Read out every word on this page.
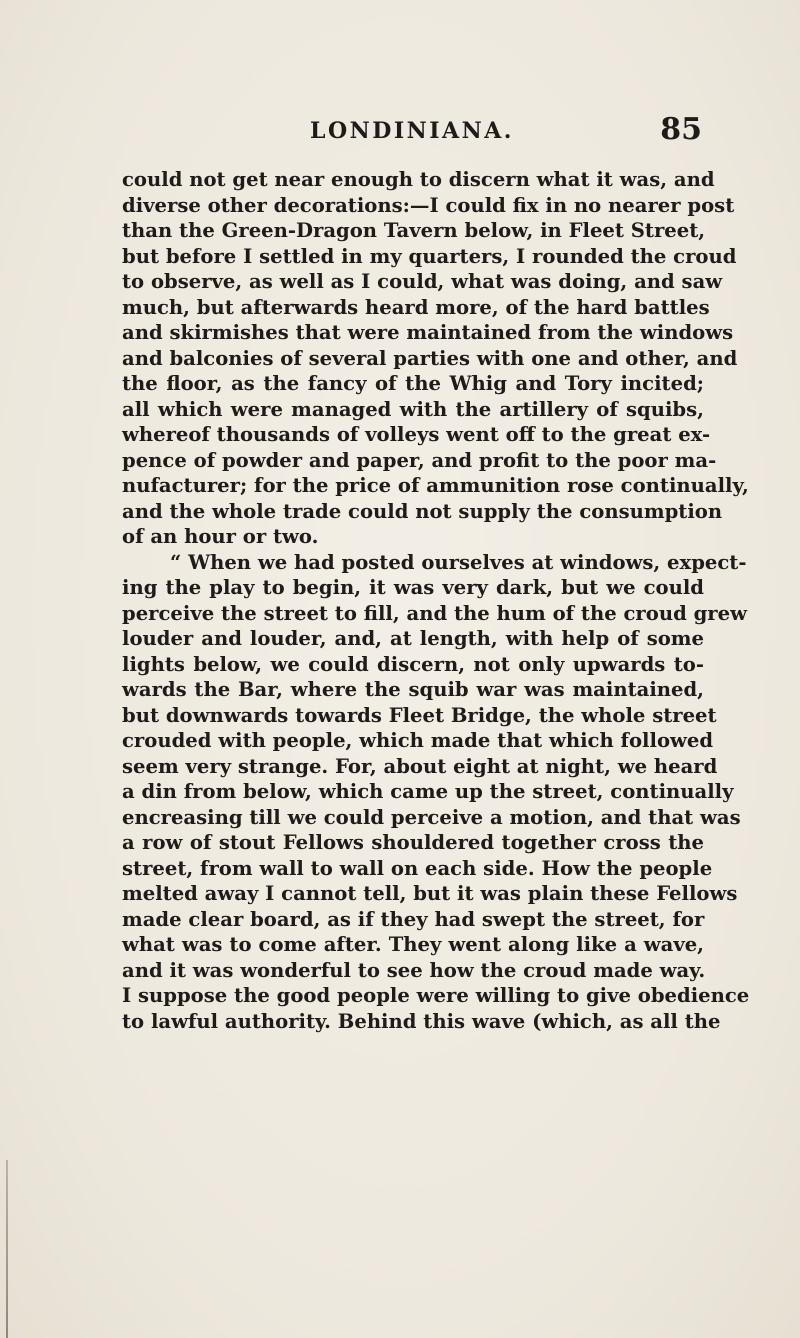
LONDINIANA.	85
could not get near enough to discern what it was, and
diverse other decorations:—I could fix in no nearer post
than the Green-Dragon Tavern below, in Fleet Street,
but before I settled in my quarters, I rounded the croud
to observe, as well as I could, what was doing, and saw
much, but afterwards heard more, of the hard battles
and skirmishes that were maintained from the windows
and balconies of several parties with one and other, and
the floor, as the fancy of the Whig and Tory incited;
all which were managed with the artillery of squibs,
whereof thousands of volleys went off to the great ex-
pence of powder and paper, and profit to the poor ma-
nufacturer; for the price of ammunition rose continually,
and the whole trade could not supply the consumption
of an hour or two.
“ When we had posted ourselves at windows, expect-
ing the play to begin, it was very dark, but we could
perceive the street to fill, and the hum of the croud grew
louder and louder, and, at length, with help of some
lights below, we could discern, not only upwards to-
wards the Bar, where the squib war was maintained,
but downwards towards Fleet Bridge, the whole street
crouded with people, which made that which followed
seem very strange. For, about eight at night, we heard
a din from below, which came up the street, continually
encreasing till we could perceive a motion, and that was
a row of stout Fellows shouldered together cross the
street, from wall to wall on each side. How the people
melted away I cannot tell, but it was plain these Fellows
made clear board, as if they had swept the street, for
what was to come after. They went along like a wave,
and it was wonderful to see how the croud made way.
I suppose the good people were willing to give obedience
to lawful authority. Behind this wave (which, as all the
